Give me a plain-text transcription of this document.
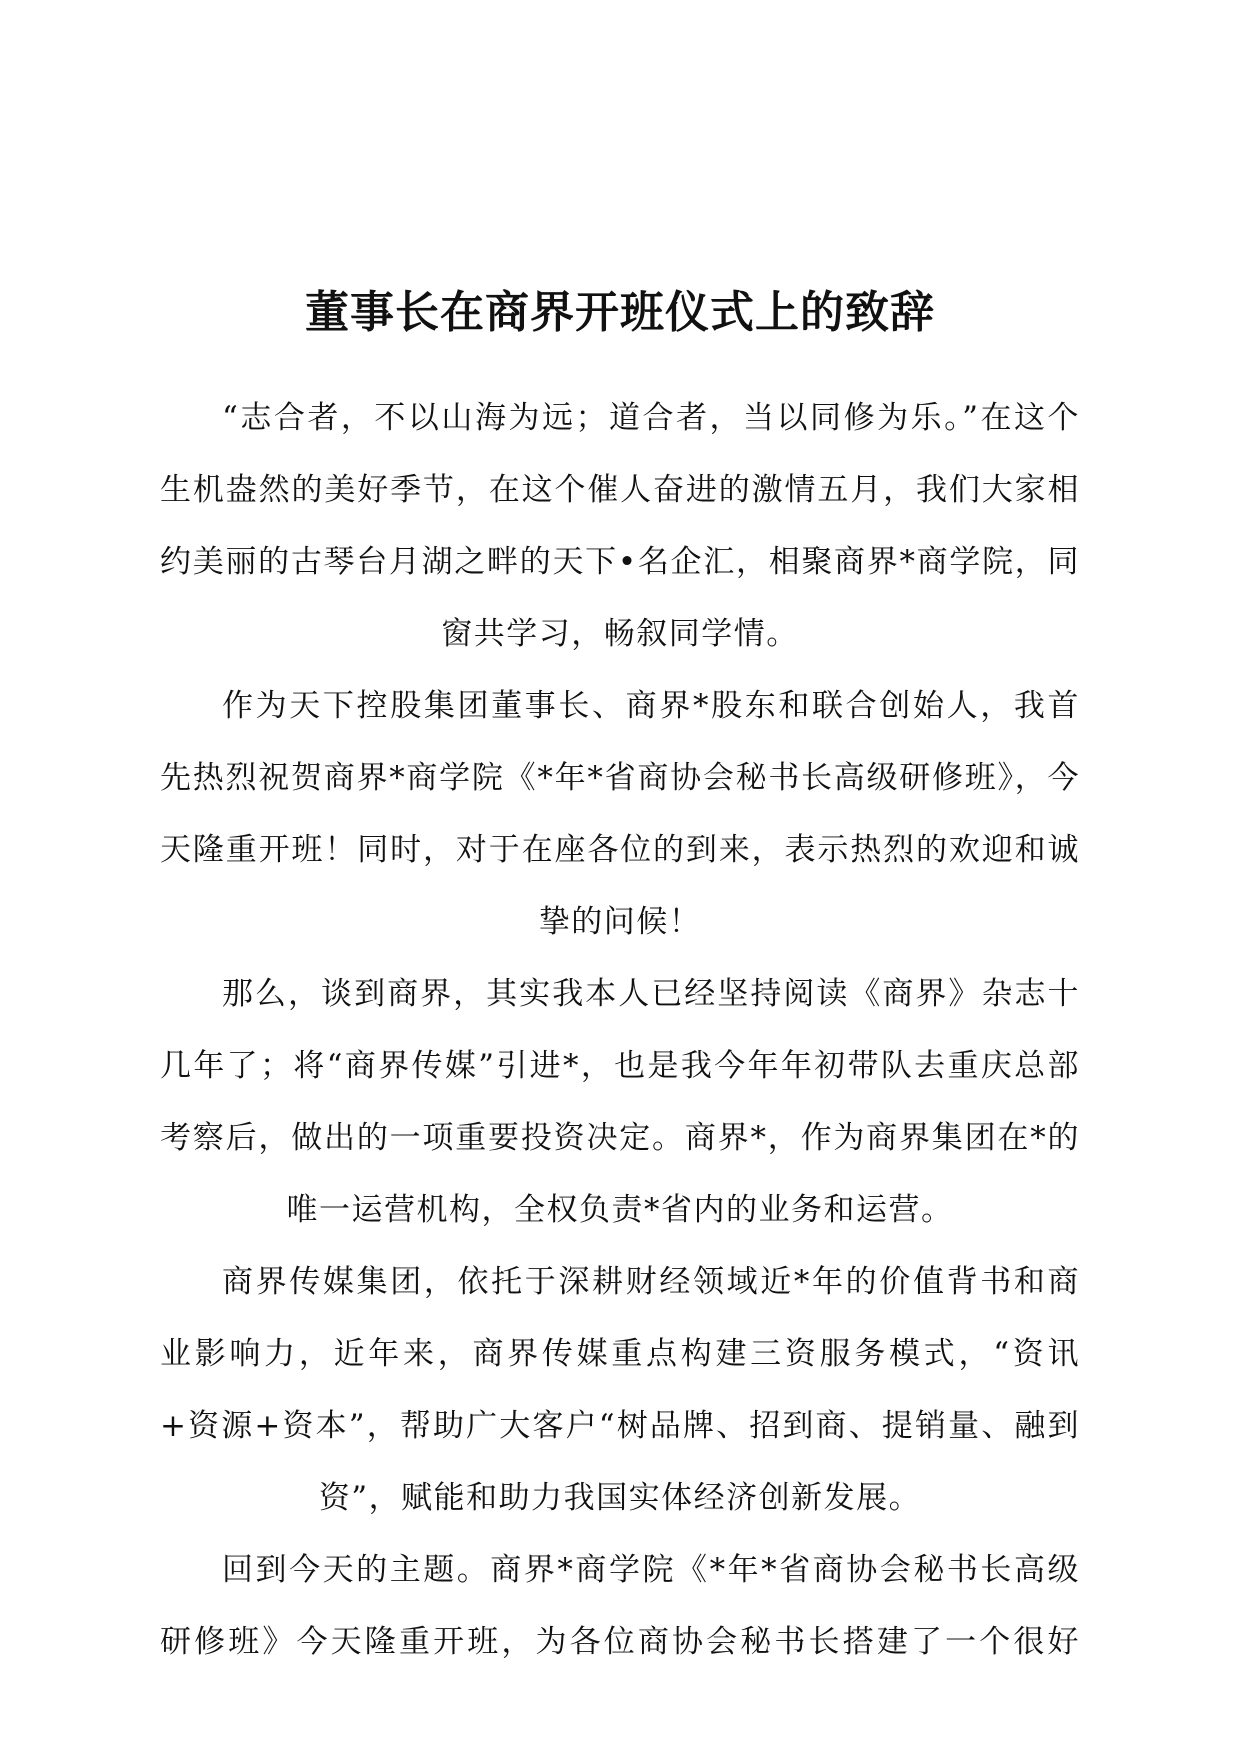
董事长在商界开班仪式上的致辞

“志合者，不以山海为远；道合者，当以同修为乐。”在这个生机盎然的美好季节，在这个催人奋进的激情五月，我们大家相约美丽的古琴台月湖之畔的天下•名企汇，相聚商界*商学院，同窗共学习，畅叙同学情。

作为天下控股集团董事长、商界*股东和联合创始人，我首先热烈祝贺商界*商学院《*年*省商协会秘书长高级研修班》，今天隆重开班！同时，对于在座各位的到来，表示热烈的欢迎和诚挚的问候！

那么，谈到商界，其实我本人已经坚持阅读《商界》杂志十几年了；将“商界传媒”引进*，也是我今年年初带队去重庆总部考察后，做出的一项重要投资决定。商界*，作为商界集团在*的唯一运营机构，全权负责*省内的业务和运营。

商界传媒集团，依托于深耕财经领域近*年的价值背书和商业影响力，近年来，商界传媒重点构建三资服务模式，“资讯+资源+资本”，帮助广大客户“树品牌、招到商、提销量、融到资”，赋能和助力我国实体经济创新发展。

回到今天的主题。商界*商学院《*年*省商协会秘书长高级研修班》今天隆重开班，为各位商协会秘书长搭建了一个很好
